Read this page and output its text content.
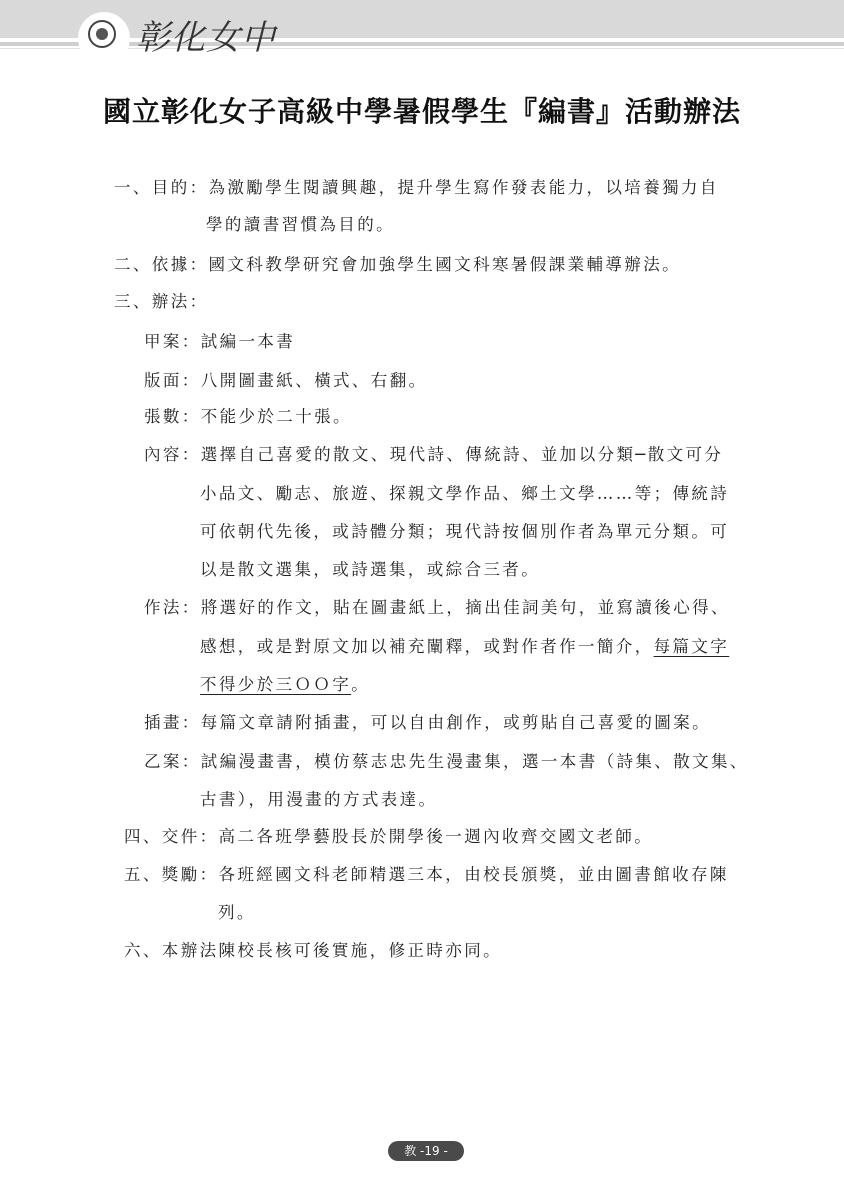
彰化女中
國立彰化女子高級中學暑假學生『編書』活動辦法
一、目的：為激勵學生閱讀興趣，提升學生寫作發表能力，以培養獨力自
學的讀書習慣為目的。
二、依據：國文科教學研究會加強學生國文科寒暑假課業輔導辦法。
三、辦法：
甲案：試編一本書
版面：八開圖畫紙、橫式、右翻。
張數：不能少於二十張。
內容：選擇自己喜愛的散文、現代詩、傳統詩、並加以分類─散文可分
小品文、勵志、旅遊、探親文學作品、鄉土文學……等；傳統詩
可依朝代先後，或詩體分類；現代詩按個別作者為單元分類。可
以是散文選集，或詩選集，或綜合三者。
作法：將選好的作文，貼在圖畫紙上，摘出佳詞美句，並寫讀後心得、
感想，或是對原文加以補充闡釋，或對作者作一簡介，每篇文字
不得少於三ＯＯ字。
插畫：每篇文章請附插畫，可以自由創作，或剪貼自己喜愛的圖案。
乙案：試編漫畫書，模仿蔡志忠先生漫畫集，選一本書（詩集、散文集、
古書），用漫畫的方式表達。
四、交件：高二各班學藝股長於開學後一週內收齊交國文老師。
五、獎勵：各班經國文科老師精選三本，由校長頒獎，並由圖書館收存陳
列。
六、本辦法陳校長核可後實施，修正時亦同。
教 -19 -
